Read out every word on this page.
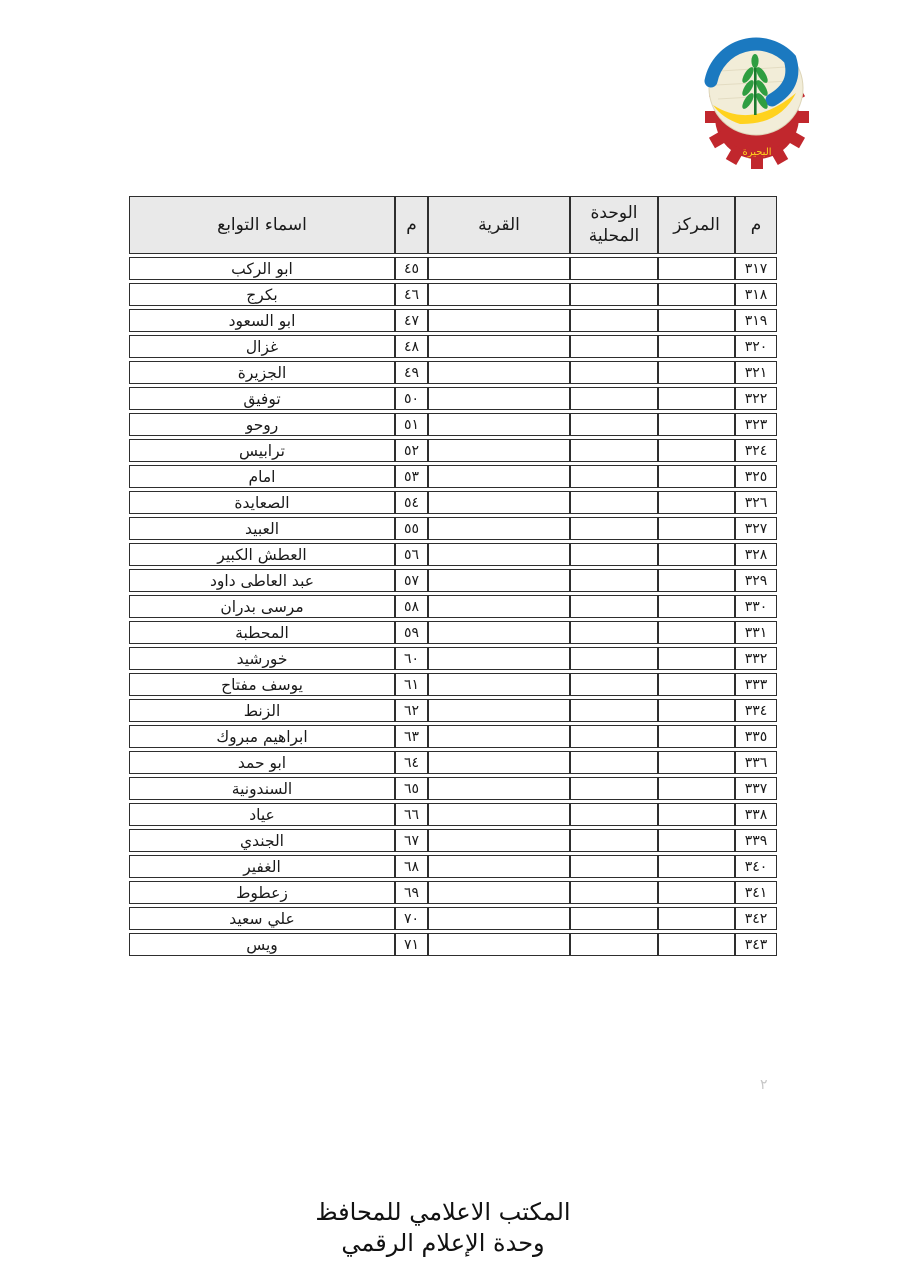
البحيرة
م	المركز	الوحدة المحلية	القرية	م	اسماء التوابع
٣١٧				٤٥	ابو الركب
٣١٨				٤٦	بكرج
٣١٩				٤٧	ابو السعود
٣٢٠				٤٨	غزال
٣٢١				٤٩	الجزيرة
٣٢٢				٥٠	توفيق
٣٢٣				٥١	روحو
٣٢٤				٥٢	ترابيس
٣٢٥				٥٣	امام
٣٢٦				٥٤	الصعايدة
٣٢٧				٥٥	العبيد
٣٢٨				٥٦	العطش الكبير
٣٢٩				٥٧	عبد العاطى داود
٣٣٠				٥٨	مرسى بدران
٣٣١				٥٩	المحطبة
٣٣٢				٦٠	خورشيد
٣٣٣				٦١	يوسف مفتاح
٣٣٤				٦٢	الزنط
٣٣٥				٦٣	ابراهيم مبروك
٣٣٦				٦٤	ابو حمد
٣٣٧				٦٥	السندونية
٣٣٨				٦٦	عياد
٣٣٩				٦٧	الجندي
٣٤٠				٦٨	الغفير
٣٤١				٦٩	زعطوط
٣٤٢				٧٠	علي سعيد
٣٤٣				٧١	ويس
٢
المكتب الاعلامي للمحافظ
وحدة الإعلام الرقمي
